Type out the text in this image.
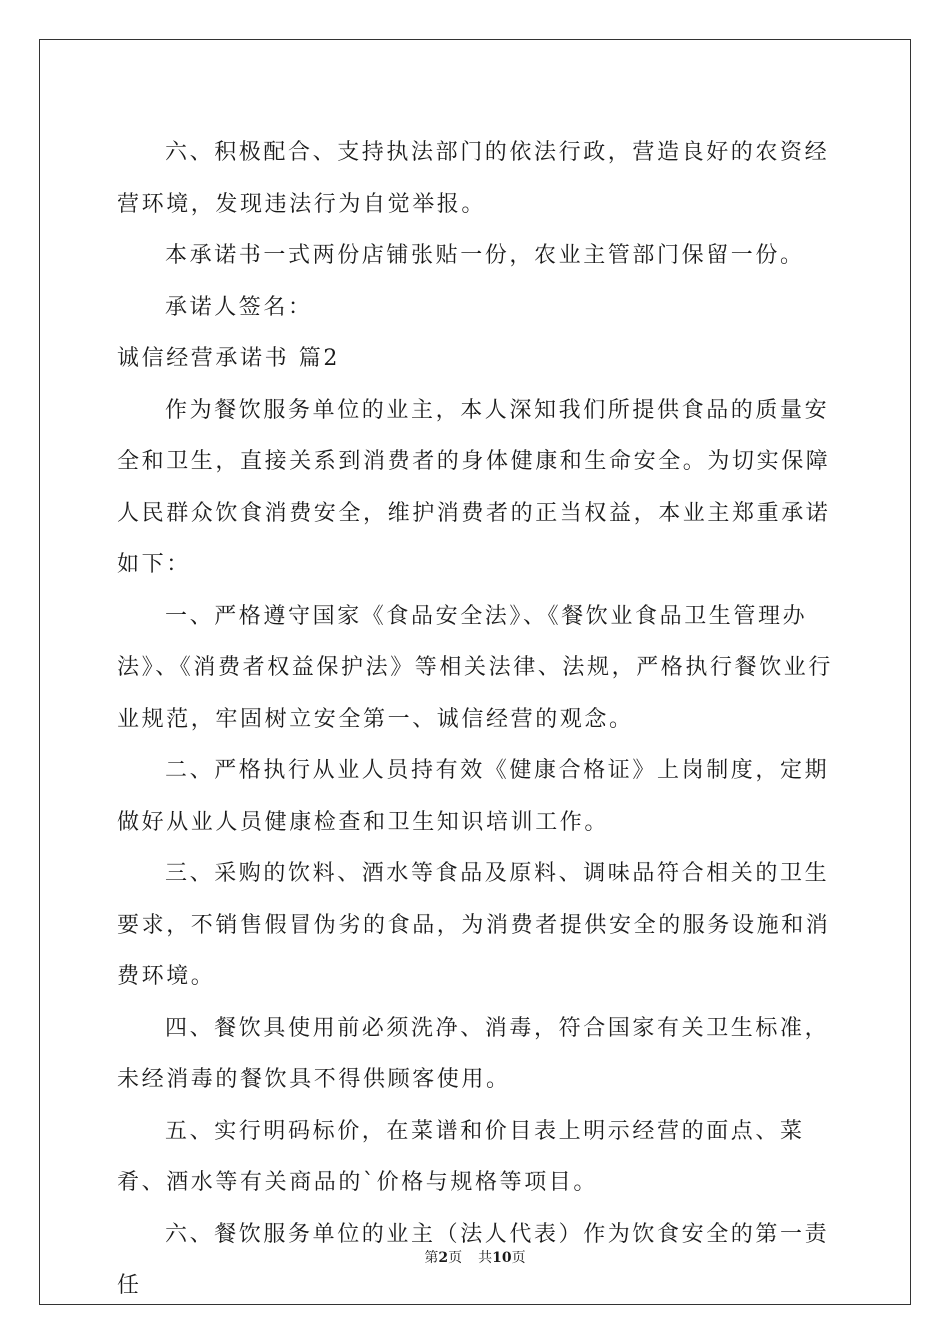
六、积极配合、支持执法部门的依法行政，营造良好的农资经营环境，发现违法行为自觉举报。

本承诺书一式两份店铺张贴一份，农业主管部门保留一份。

承诺人签名：

诚信经营承诺书 篇2

作为餐饮服务单位的业主，本人深知我们所提供食品的质量安全和卫生，直接关系到消费者的身体健康和生命安全。为切实保障人民群众饮食消费安全，维护消费者的正当权益，本业主郑重承诺如下：

一、严格遵守国家《食品安全法》、《餐饮业食品卫生管理办法》、《消费者权益保护法》等相关法律、法规，严格执行餐饮业行业规范，牢固树立安全第一、诚信经营的观念。

二、严格执行从业人员持有效《健康合格证》上岗制度，定期做好从业人员健康检查和卫生知识培训工作。

三、采购的饮料、酒水等食品及原料、调味品符合相关的卫生要求，不销售假冒伪劣的食品，为消费者提供安全的服务设施和消费环境。

四、餐饮具使用前必须洗净、消毒，符合国家有关卫生标准，未经消毒的餐饮具不得供顾客使用。

五、实行明码标价，在菜谱和价目表上明示经营的面点、菜肴、酒水等有关商品的`价格与规格等项目。

六、餐饮服务单位的业主（法人代表）作为饮食安全的第一责任

第2页 共10页
